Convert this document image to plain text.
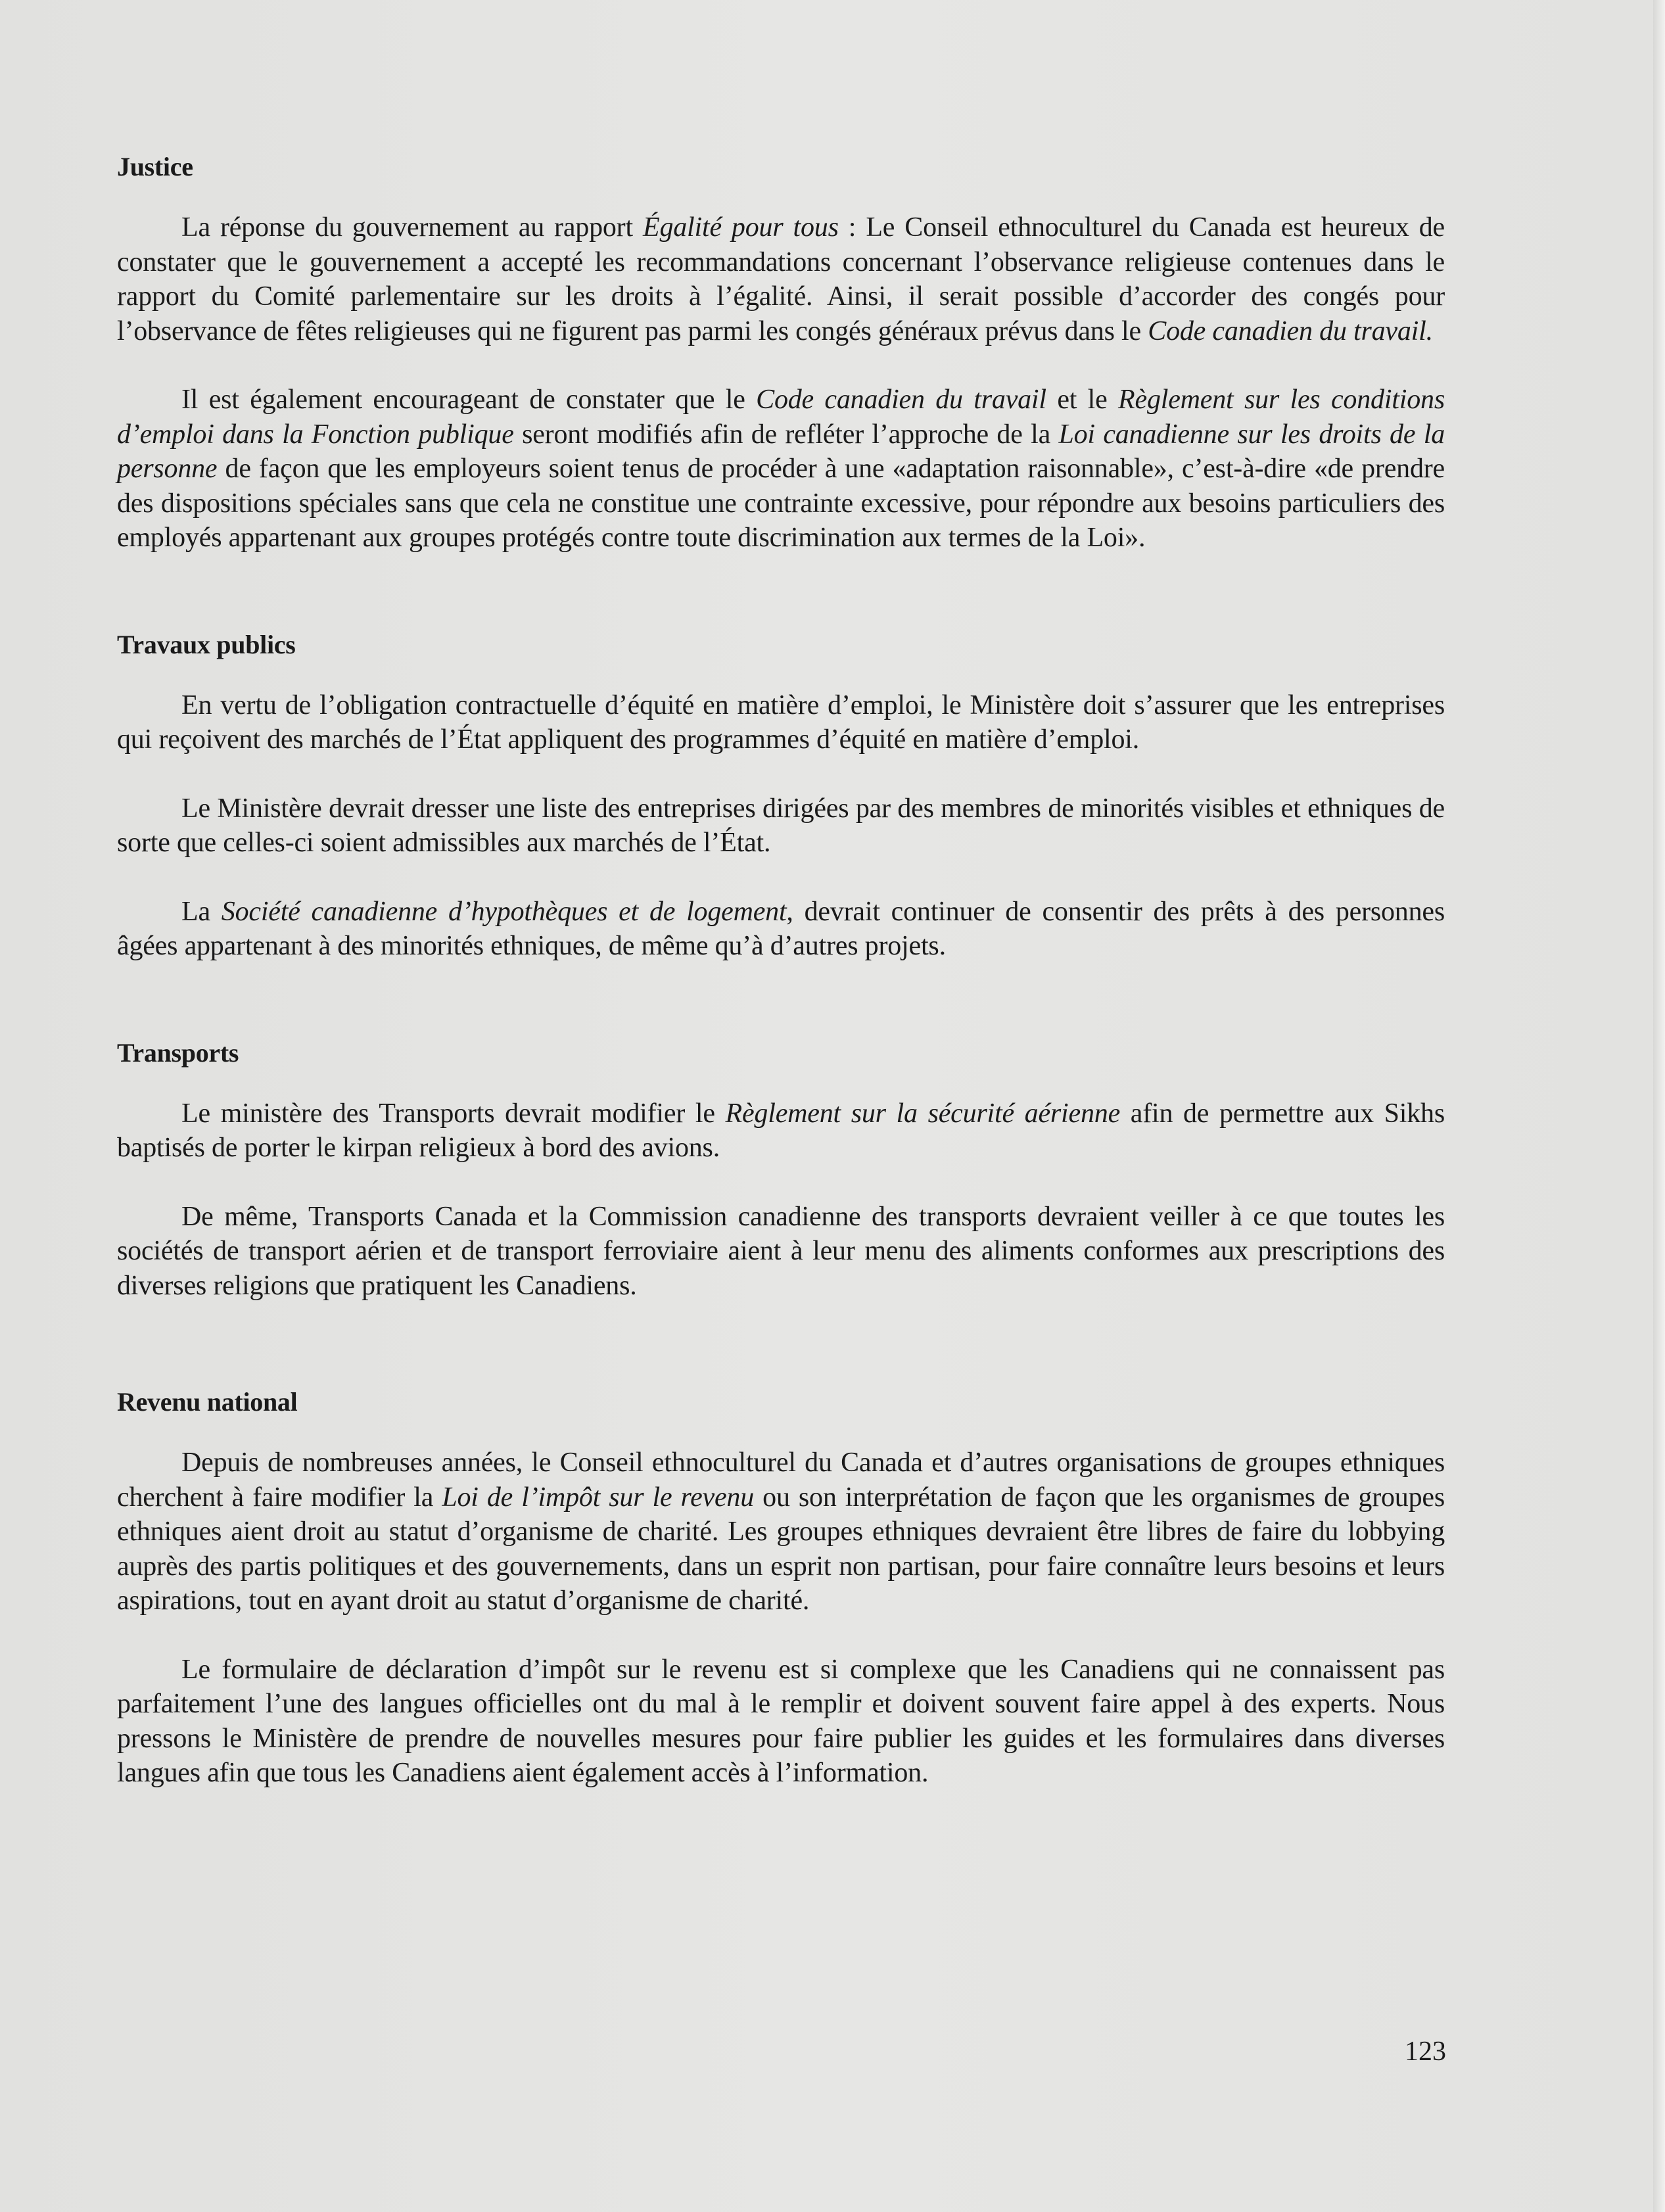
Justice

La réponse du gouvernement au rapport Égalité pour tous : Le Conseil ethnoculturel du Canada est heureux de constater que le gouvernement a accepté les recommandations concernant l’observance religieuse contenues dans le rapport du Comité parlementaire sur les droits à l’égalité. Ainsi, il serait possible d’accorder des congés pour l’observance de fêtes religieuses qui ne figurent pas parmi les congés généraux prévus dans le Code canadien du travail.

Il est également encourageant de constater que le Code canadien du travail et le Règlement sur les conditions d’emploi dans la Fonction publique seront modifiés afin de refléter l’approche de la Loi canadienne sur les droits de la personne de façon que les employeurs soient tenus de procéder à une «adaptation raisonnable», c’est-à-dire «de prendre des dispositions spéciales sans que cela ne constitue une contrainte excessive, pour répondre aux besoins particuliers des employés appartenant aux groupes protégés contre toute discrimination aux termes de la Loi».

Travaux publics

En vertu de l’obligation contractuelle d’équité en matière d’emploi, le Ministère doit s’assurer que les entreprises qui reçoivent des marchés de l’État appliquent des programmes d’équité en matière d’emploi.

Le Ministère devrait dresser une liste des entreprises dirigées par des membres de minorités visibles et ethniques de sorte que celles-ci soient admissibles aux marchés de l’État.

La Société canadienne d’hypothèques et de logement, devrait continuer de consentir des prêts à des personnes âgées appartenant à des minorités ethniques, de même qu’à d’autres projets.

Transports

Le ministère des Transports devrait modifier le Règlement sur la sécurité aérienne afin de permettre aux Sikhs baptisés de porter le kirpan religieux à bord des avions.

De même, Transports Canada et la Commission canadienne des transports devraient veiller à ce que toutes les sociétés de transport aérien et de transport ferroviaire aient à leur menu des aliments conformes aux prescriptions des diverses religions que pratiquent les Canadiens.

Revenu national

Depuis de nombreuses années, le Conseil ethnoculturel du Canada et d’autres organisations de groupes ethniques cherchent à faire modifier la Loi de l’impôt sur le revenu ou son interprétation de façon que les organismes de groupes ethniques aient droit au statut d’organisme de charité. Les groupes ethniques devraient être libres de faire du lobbying auprès des partis politiques et des gouvernements, dans un esprit non partisan, pour faire connaître leurs besoins et leurs aspirations, tout en ayant droit au statut d’organisme de charité.

Le formulaire de déclaration d’impôt sur le revenu est si complexe que les Canadiens qui ne connaissent pas parfaitement l’une des langues officielles ont du mal à le remplir et doivent souvent faire appel à des experts. Nous pressons le Ministère de prendre de nouvelles mesures pour faire publier les guides et les formulaires dans diverses langues afin que tous les Canadiens aient également accès à l’information.

123
